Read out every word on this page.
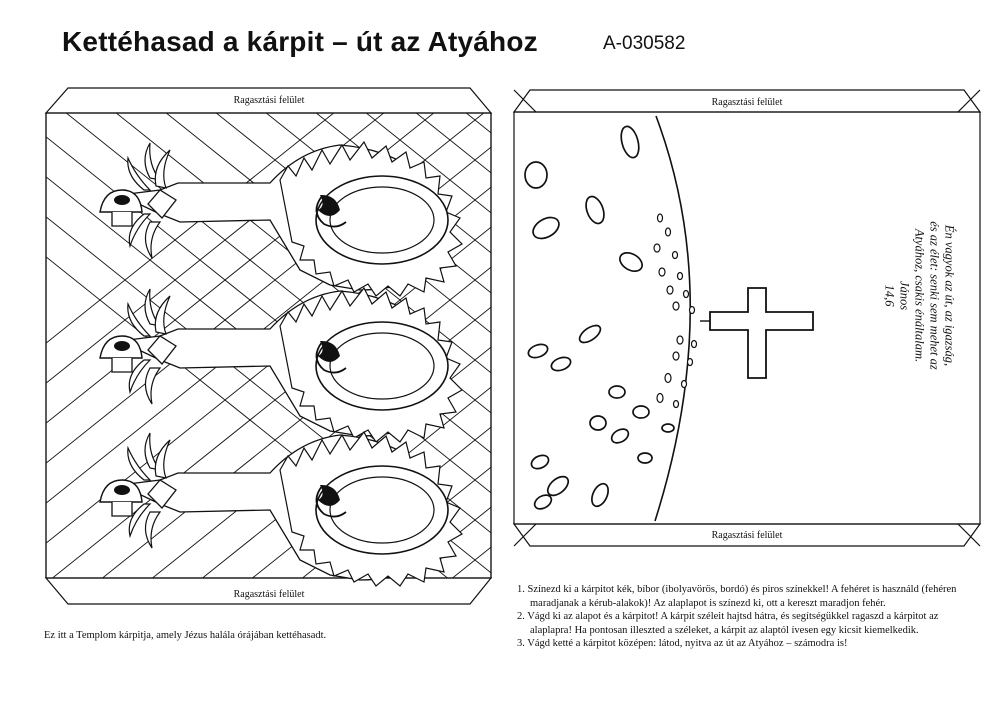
Kettéhasad a kárpit – út az Atyához	A-030582
Ragasztási felület
Ragasztási felület
Ragasztási felület
Ragasztási felület
Én vagyok az út, az igazság, és az élet: senki sem mehet az Atyához, csakis énáltalam.
János
14,6
Ez itt a Templom kárpitja, amely Jézus halála órájában kettéhasadt.
1. Színezd ki a kárpitot kék, bíbor (ibolyavörös, bordó) és piros színekkel! A fehéret is használd (fehéren maradjanak a kérub-alakok)! Az alaplapot is színezd ki, ott a kereszt maradjon fehér.
2. Vágd ki az alapot és a kárpitot! A kárpit széleit hajtsd hátra, és segítségükkel ragaszd a kárpitot az alaplapra! Ha pontosan illeszted a széleket, a kárpit az alaptól ívesen egy kicsit kiemelkedik.
3. Vágd ketté a kárpitot középen: látod, nyitva az út az Atyához – számodra is!
